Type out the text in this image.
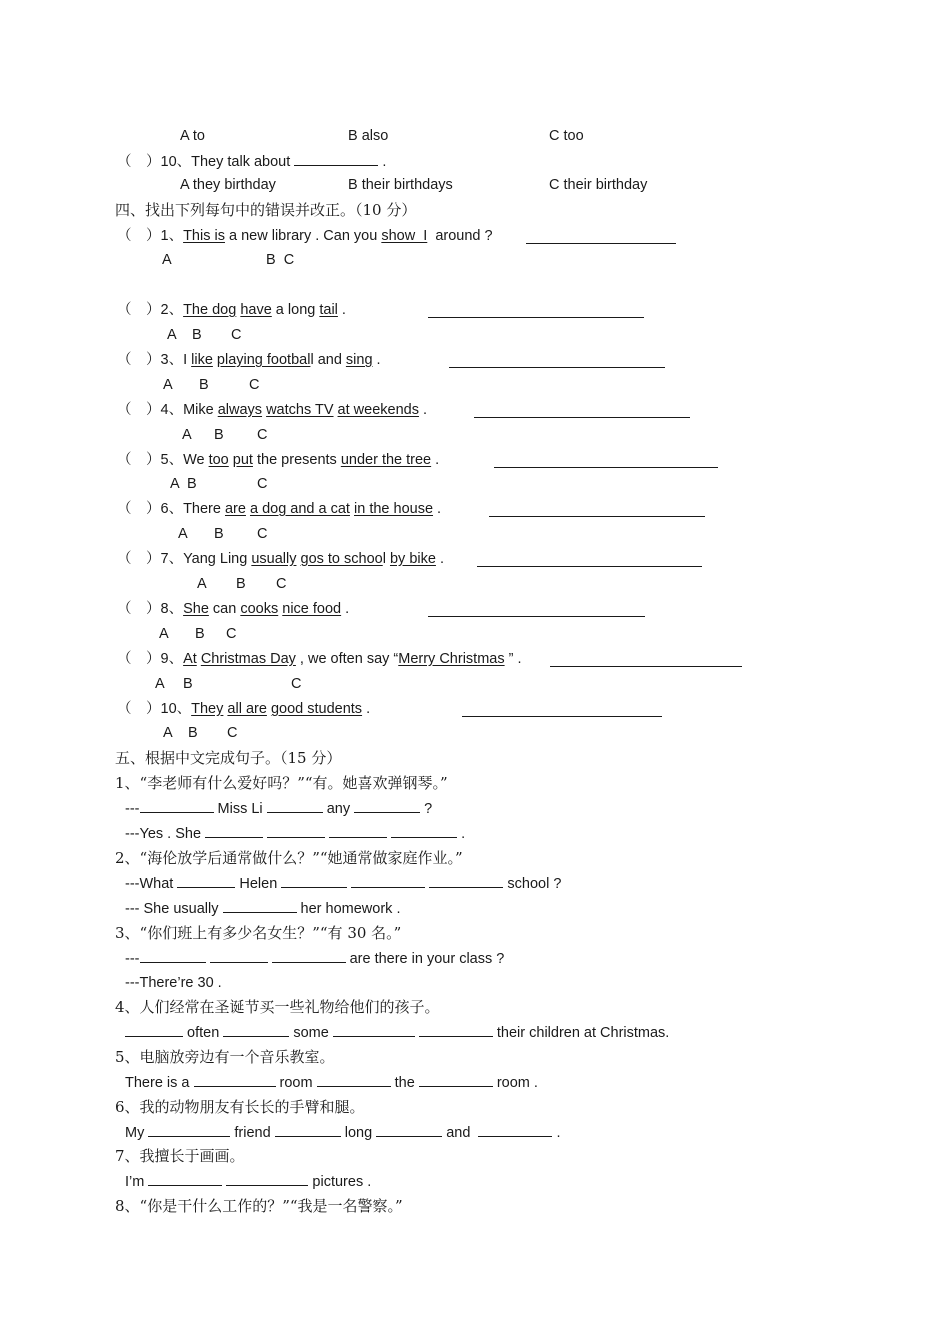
A to	B also	C too
（　）10、They talk about	.
A they birthday	B their birthdays	C their birthday
四、找出下列每句中的错误并改正。（10 分）
（　）1、This is a new library . Can you show  I  around ?
A	B  C
（　）2、The dog have a long tail .
A B C
（　）3、I like playing football and sing .
A B	C
（　）4、Mike always watchs TV at weekends .
A B C
（　）5、We too put the presents under the tree .
A B	C
（　）6、There are a dog and a cat in the house .
A B C
（　）7、Yang Ling usually gos to school by bike .
A B C
（　）8、She can cooks nice food .
A B C
（　）9、At Christmas Day , we often say “Merry Christmas ” .
A B	C
（　）10、They all are good students .
A B C
五、根据中文完成句子。（15 分）
1、“李老师有什么爱好吗？”“有。她喜欢弹钢琴。”
---	Miss Li	any	?
---Yes . She	.
2、“海伦放学后通常做什么？”“她通常做家庭作业。”
---What	Helen	school ?
--- She usually	her homework .
3、“你们班上有多少名女生？”“有 30 名。”
---	are there in your class ?
---There’re 30 .
4、人们经常在圣诞节买一些礼物给他们的孩子。
often	some	their children at Christmas.
5、电脑放旁边有一个音乐教室。
There is a	room	the	room .
6、我的动物朋友有长长的手臂和腿。
My	friend	long	and	.
7、我擅长于画画。
I’m	pictures .
8、“你是干什么工作的？”“我是一名警察。”
